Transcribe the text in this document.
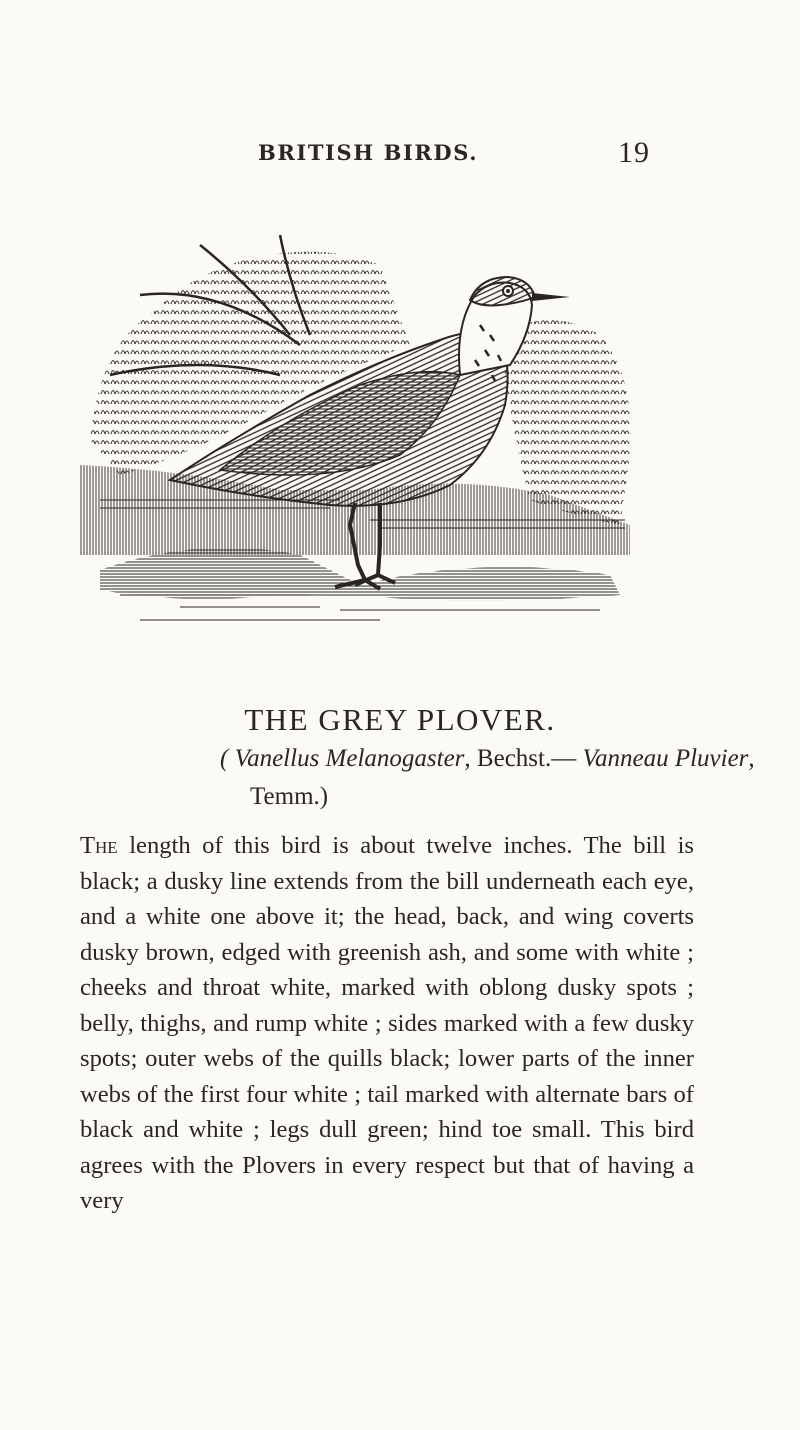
BRITISH BIRDS.	19
THE GREY PLOVER.
( Vanellus Melanogaster, Bechst.— Vanneau Pluvier,
Temm.)
The length of this bird is about twelve inches. The bill is black; a dusky line extends from the bill underneath each eye, and a white one above it; the head, back, and wing coverts dusky brown, edged with greenish ash, and some with white ; cheeks and throat white, marked with oblong dusky spots ; belly, thighs, and rump white ; sides marked with a few dusky spots; outer webs of the quills black; lower parts of the inner webs of the first four white ; tail marked with alternate bars of black and white ; legs dull green; hind toe small. This bird agrees with the Plovers in every respect but that of having a very
